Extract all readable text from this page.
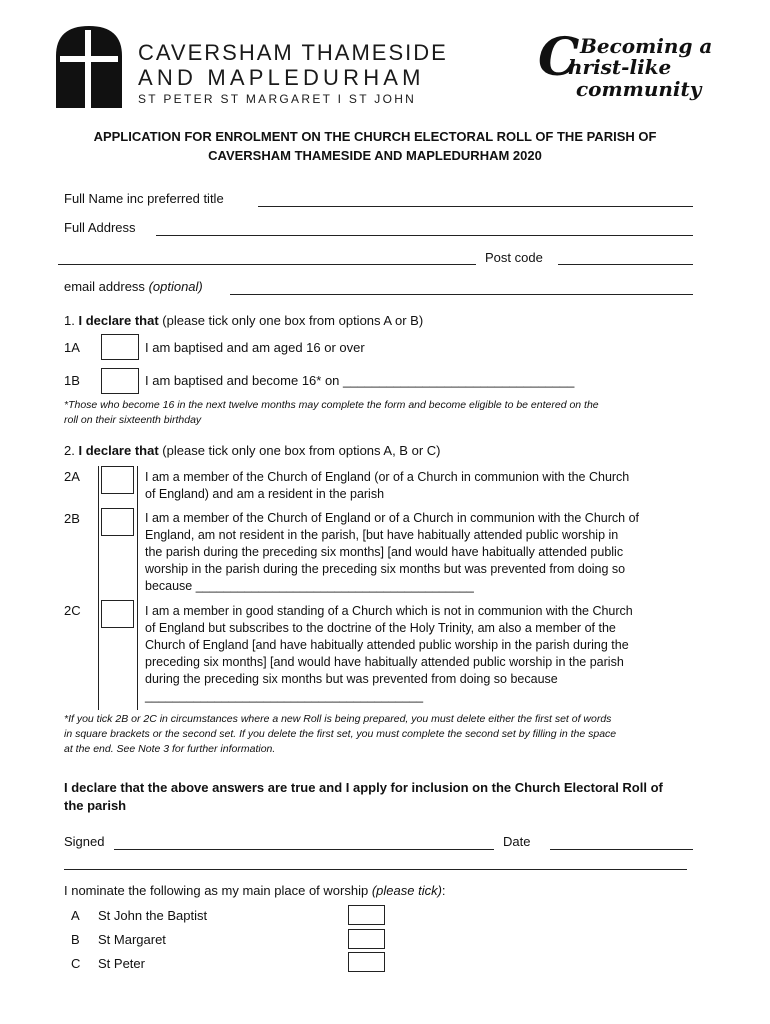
CAVERSHAM THAMESIDE
AND MAPLEDURHAM
ST PETER ST MARGARET I ST JOHN
C Becoming a
hrist-like
community
APPLICATION FOR ENROLMENT ON THE CHURCH ELECTORAL ROLL OF THE PARISH OF
CAVERSHAM THAMESIDE AND MAPLEDURHAM 2020
Full Name inc preferred title
Full Address
Post code
email address (optional)
1. I declare that (please tick only one box from options A or B)
1A	I am baptised and am aged 16 or over
1B	I am baptised and become 16* on ________________________________
*Those who become 16 in the next twelve months may complete the form and become eligible to be entered on the
roll on their sixteenth birthday
2. I declare that (please tick only one box from options A, B or C)
2A	I am a member of the Church of England (or of a Church in communion with the Church
of England) and am a resident in the parish
2B	I am a member of the Church of England or of a Church in communion with the Church of
England, am not resident in the parish, [but have habitually attended public worship in
the parish during the preceding six months] [and would have habitually attended public
worship in the parish during the preceding six months but was prevented from doing so
because ________________________________________
2C	I am a member in good standing of a Church which is not in communion with the Church
of England but subscribes to the doctrine of the Holy Trinity, am also a member of the
Church of England [and have habitually attended public worship in the parish during the
preceding six months] [and would have habitually attended public worship in the parish
during the preceding six months but was prevented from doing so because
________________________________________
*If you tick 2B or 2C in circumstances where a new Roll is being prepared, you must delete either the first set of words
in square brackets or the second set. If you delete the first set, you must complete the second set by filling in the space
at the end. See Note 3 for further information.
I declare that the above answers are true and I apply for inclusion on the Church Electoral Roll of
the parish
Signed	Date
I nominate the following as my main place of worship (please tick):
A St John the Baptist
B St Margaret
C St Peter
